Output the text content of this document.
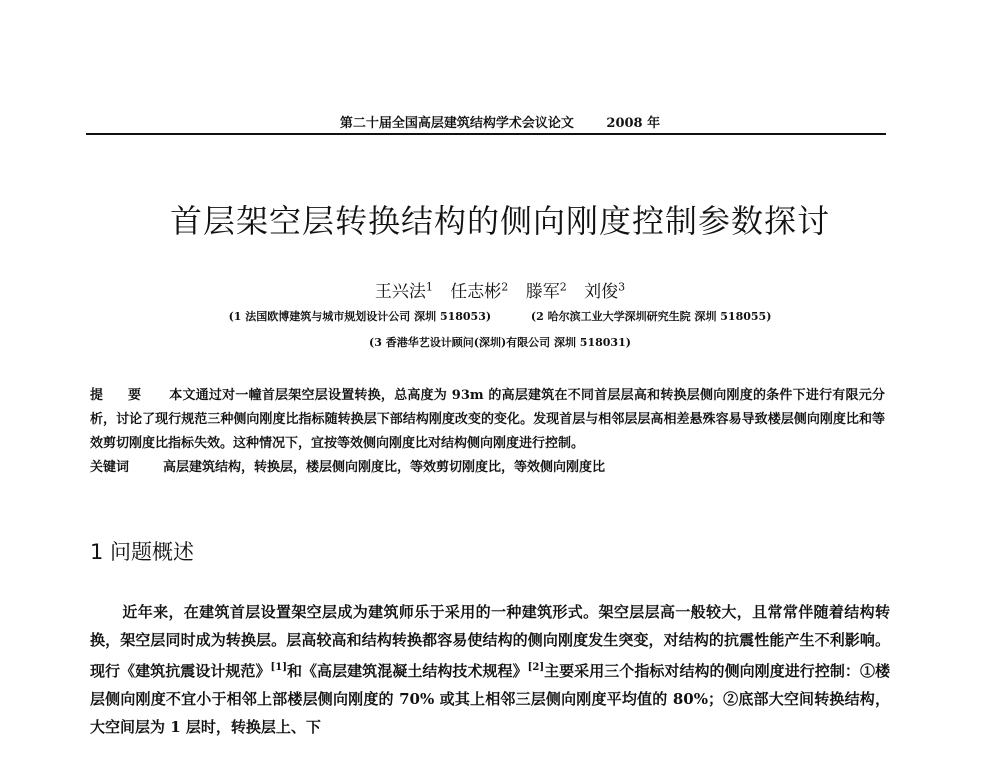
第二十届全国高层建筑结构学术会议论文	2008 年
首层架空层转换结构的侧向刚度控制参数探讨
王兴法$^1$ 任志彬$^2$ 滕军$^2$ 刘俊$^3$
(1 法国欧博建筑与城市规划设计公司 深圳 518053)	(2 哈尔滨工业大学深圳研究生院 深圳 518055)
(3 香港华艺设计顾问(深圳)有限公司 深圳 518031)
提 要 本文通过对一幢首层架空层设置转换，总高度为 93m 的高层建筑在不同首层层高和转换层侧向刚度的条件下进行有限元分析，讨论了现行规范三种侧向刚度比指标随转换层下部结构刚度改变的变化。发现首层与相邻层层高相差悬殊容易导致楼层侧向刚度比和等效剪切刚度比指标失效。这种情况下，宜按等效侧向刚度比对结构侧向刚度进行控制。
关键词	高层建筑结构，转换层，楼层侧向刚度比，等效剪切刚度比，等效侧向刚度比
1 问题概述
近年来，在建筑首层设置架空层成为建筑师乐于采用的一种建筑形式。架空层层高一般较大，且常常伴随着结构转换，架空层同时成为转换层。层高较高和结构转换都容易使结构的侧向刚度发生突变，对结构的抗震性能产生不利影响。现行《建筑抗震设计规范》[1]和《高层建筑混凝土结构技术规程》[2]主要采用三个指标对结构的侧向刚度进行控制：①楼层侧向刚度不宜小于相邻上部楼层侧向刚度的 70% 或其上相邻三层侧向刚度平均值的 80%；②底部大空间转换结构，大空间层为 1 层时，转换层上、下
